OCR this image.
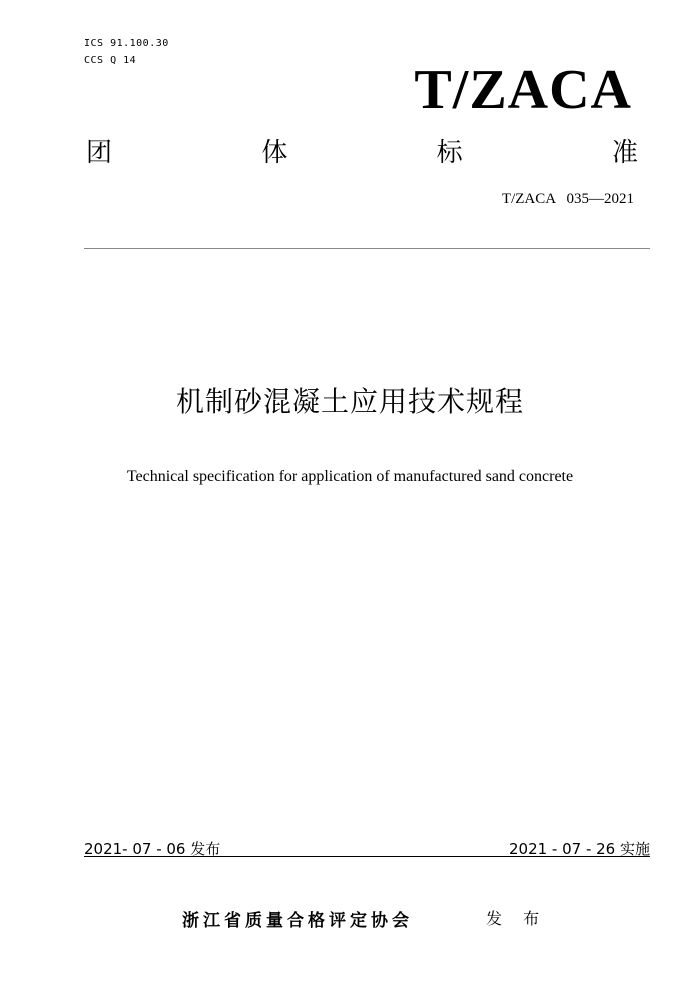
ICS 91.100.30
CCS Q 14	T/ZACA
团	体	标	准
T/ZACA   035—2021
机制砂混凝土应用技术规程
Technical specification for application of manufactured sand concrete
2021- 07 - 06 发布	2021 - 07 - 26 实施
浙江省质量合格评定协会	发 布
